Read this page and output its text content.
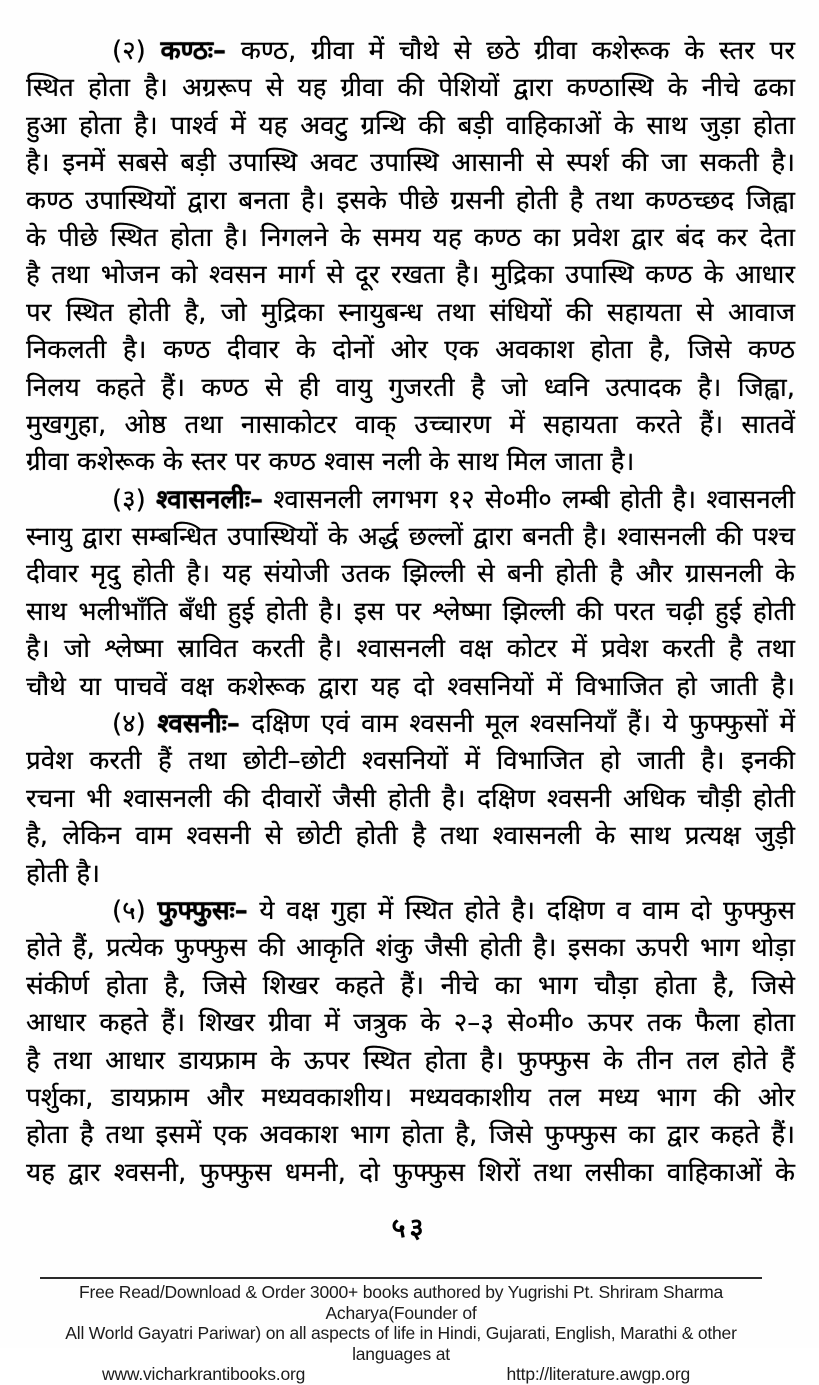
(२) कण्ठः– कण्ठ, ग्रीवा में चौथे से छठे ग्रीवा कशेरूक के स्तर पर
स्थित होता है। अग्ररूप से यह ग्रीवा की पेशियों द्वारा कण्ठास्थि के नीचे ढका
हुआ होता है। पार्श्व में यह अवटु ग्रन्थि की बड़ी वाहिकाओं के साथ जुड़ा होता
है। इनमें सबसे बड़ी उपास्थि अवट उपास्थि आसानी से स्पर्श की जा सकती है।
कण्ठ उपास्थियों द्वारा बनता है। इसके पीछे ग्रसनी होती है तथा कण्ठच्छद जिह्वा
के पीछे स्थित होता है। निगलने के समय यह कण्ठ का प्रवेश द्वार बंद कर देता
है तथा भोजन को श्वसन मार्ग से दूर रखता है। मुद्रिका उपास्थि कण्ठ के आधार
पर स्थित होती है, जो मुद्रिका स्नायुबन्ध तथा संधियों की सहायता से आवाज
निकलती है। कण्ठ दीवार के दोनों ओर एक अवकाश होता है, जिसे कण्ठ
निलय कहते हैं। कण्ठ से ही वायु गुजरती है जो ध्वनि उत्पादक है। जिह्वा,
मुखगुहा, ओष्ठ तथा नासाकोटर वाक् उच्चारण में सहायता करते हैं। सातवें
ग्रीवा कशेरूक के स्तर पर कण्ठ श्वास नली के साथ मिल जाता है।
(३) श्वासनलीः– श्वासनली लगभग १२ से०मी० लम्बी होती है। श्वासनली
स्नायु द्वारा सम्बन्धित उपास्थियों के अर्द्ध छल्लों द्वारा बनती है। श्वासनली की पश्च
दीवार मृदु होती है। यह संयोजी उतक झिल्ली से बनी होती है और ग्रासनली के
साथ भलीभाँति बँधी हुई होती है। इस पर श्लेष्मा झिल्ली की परत चढ़ी हुई होती
है। जो श्लेष्मा स्रावित करती है। श्वासनली वक्ष कोटर में प्रवेश करती है तथा
चौथे या पाचवें वक्ष कशेरूक द्वारा यह दो श्वसनियों में विभाजित हो जाती है।
(४) श्वसनीः– दक्षिण एवं वाम श्वसनी मूल श्वसनियाँ हैं। ये फुफ्फुसों में
प्रवेश करती हैं तथा छोटी–छोटी श्वसनियों में विभाजित हो जाती है। इनकी
रचना भी श्वासनली की दीवारों जैसी होती है। दक्षिण श्वसनी अधिक चौड़ी होती
है, लेकिन वाम श्वसनी से छोटी होती है तथा श्वासनली के साथ प्रत्यक्ष जुड़ी
होती है।
(५) फुफ्फुसः– ये वक्ष गुहा में स्थित होते है। दक्षिण व वाम दो फुफ्फुस
होते हैं, प्रत्येक फुफ्फुस की आकृति शंकु जैसी होती है। इसका ऊपरी भाग थोड़ा
संकीर्ण होता है, जिसे शिखर कहते हैं। नीचे का भाग चौड़ा होता है, जिसे
आधार कहते हैं। शिखर ग्रीवा में जत्रुक के २–३ से०मी० ऊपर तक फैला होता
है तथा आधार डायफ्राम के ऊपर स्थित होता है। फुफ्फुस के तीन तल होते हैं
पर्शुका, डायफ्राम और मध्यवकाशीय। मध्यवकाशीय तल मध्य भाग की ओर
होता है तथा इसमें एक अवकाश भाग होता है, जिसे फुफ्फुस का द्वार कहते हैं।
यह द्वार श्वसनी, फुफ्फुस धमनी, दो फुफ्फुस शिरों तथा लसीका वाहिकाओं के
५३
Free Read/Download & Order 3000+ books authored by Yugrishi Pt. Shriram Sharma Acharya(Founder of
All World Gayatri Pariwar) on all aspects of life in Hindi, Gujarati, English, Marathi & other languages at
www.vicharkrantibooks.org	http://literature.awgp.org
